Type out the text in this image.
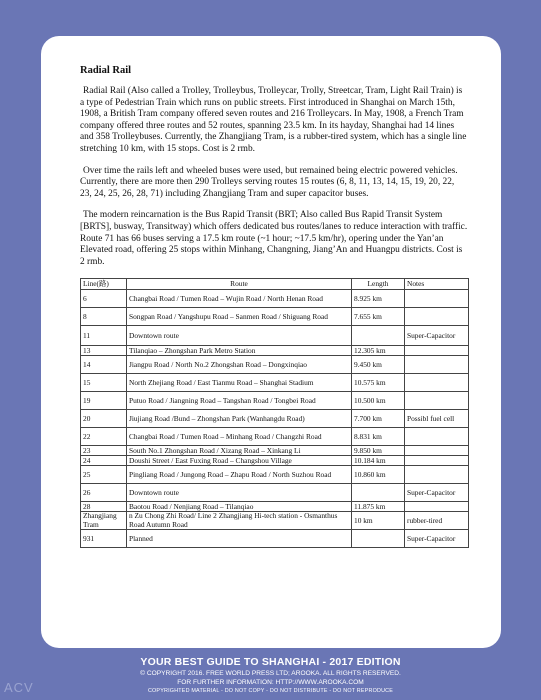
Radial Rail

Radial Rail (Also called a Trolley, Trolleybus, Trolleycar, Trolly, Streetcar, Tram, Light Rail Train) is a type of Pedestrian Train which runs on public streets. First introduced in Shanghai on March 15th, 1908, a British Tram company offered seven routes and 216 Trolleycars. In May, 1908, a French Tram company offered three routes and 52 routes, spanning 23.5 km. In its hayday, Shanghai had 14 lines and 358 Trolleybuses. Currently, the Zhangjiang Tram, is a rubber-tired system, which has a single line stretching 10 km, with 15 stops. Cost is 2 rmb.

Over time the rails left and wheeled buses were used, but remained being electric powered vehicles. Currently, there are more then 290 Trolleys serving routes 15 routes (6, 8, 11, 13, 14, 15, 19, 20, 22, 23, 24, 25, 26, 28, 71) including Zhangjiang Tram and super capacitor buses.

The modern reincarnation is the Bus Rapid Transit (BRT; Also called Bus Rapid Transit System [BRTS], busway, Transitway) which offers dedicated bus routes/lanes to reduce interaction with traffic. Route 71 has 66 buses serving a 17.5 km route (~1 hour; ~17.5 km/hr), opering under the Yan’an Elevated road, offering 25 stops within Minhang, Changning, Jiang’An and Huangpu districts. Cost is 2 rmb.

Line(路)	Route	Length	Notes
6	Changbai Road / Tumen Road – Wujin Road / North Henan Road	8.925 km	
8	Songpan Road / Yangshupu Road – Sanmen Road / Shiguang Road	7.655 km	
11	Downtown route		Super-Capacitor
13	Tilanqiao – Zhongshan Park Metro Station	12.305 km	
14	Jiangpu Road / North No.2 Zhongshan Road – Dongxinqiao	9.450 km	
15	North Zhejiang Road / East Tianmu Road – Shanghai Stadium	10.575 km	
19	Putuo Road / Jiangning Road – Tangshan Road / Tongbei Road	10.500 km	
20	Jiujiang Road /Bund – Zhongshan Park (Wanhangdu Road)	7.700 km	Possibl fuel cell
22	Changbai Road / Tumen Road – Minhang Road / Changzhi Road	8.831 km	
23	South No.1 Zhongshan Road / Xizang Road – Xinkang Li	9.850 km	
24	Doushi Street / East Fuxing Road – Changshou Village	10.184 km	
25	Pingliang Road / Jungong Road – Zhapu Road / North Suzhou Road	10.860 km	
26	Downtown route		Super-Capacitor
28	Baotou Road / Nenjiang Road – Tilanqiao	11.875 km	
Zhangjiang Tram	n Zu Chong Zhi Road/ Line 2 Zhangjiang Hi-tech station - Osmanthus Road Autumn Road	10 km	rubber-tired
931	Planned		Super-Capacitor
YOUR BEST GUIDE TO SHANGHAI - 2017 EDITION
© COPYRIGHT 2016. FREE WORLD PRESS LTD; AROOKA. ALL RIGHTS RESERVED.
FOR FURTHER INFORMATION: HTTP://WWW.AROOKA.COM
COPYRIGHTED MATERIAL - DO NOT COPY - DO NOT DISTRIBUTE - DO NOT REPRODUCE
ACV
